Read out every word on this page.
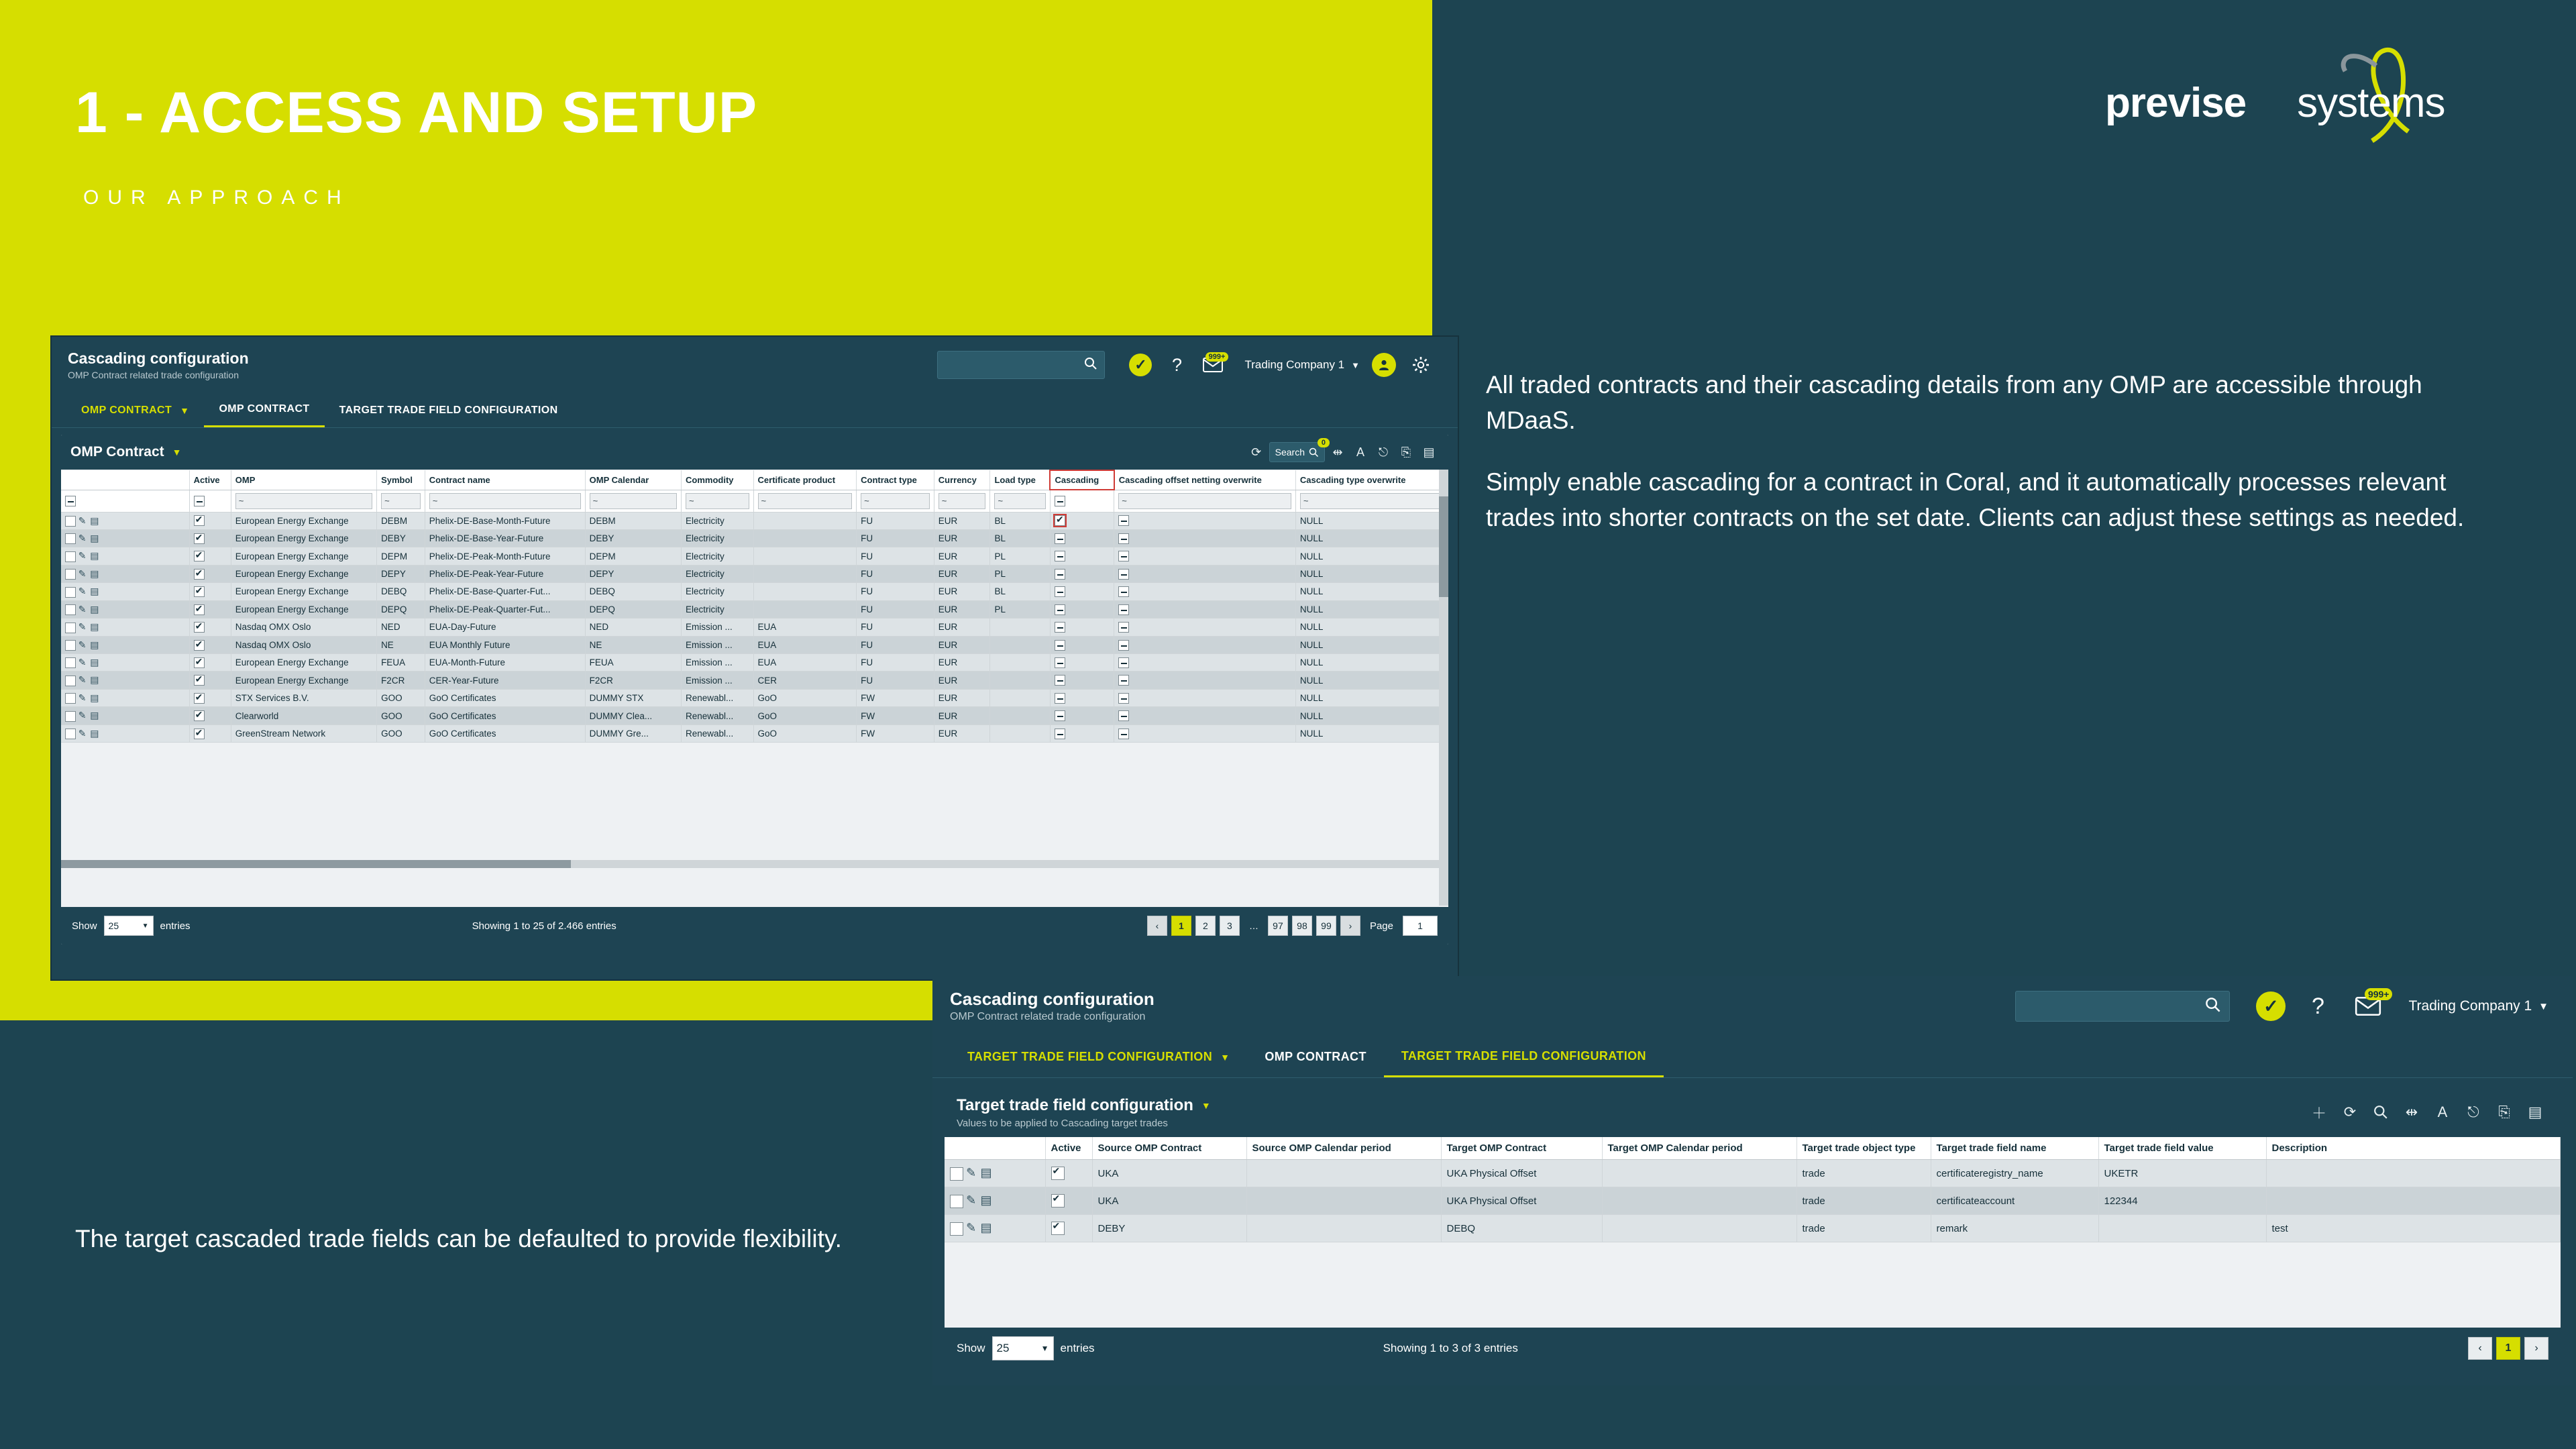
1 - ACCESS AND SETUP
OUR APPROACH
previse systems

All traded contracts and their cascading details from any OMP are accessible through MDaaS.

Simply enable cascading for a contract in Coral, and it automatically processes relevant trades into shorter contracts on the set date. Clients can adjust these settings as needed.

The target cascaded trade fields can be defaulted to provide flexibility.
Cascading configuration
OMP Contract related trade configuration
✓ ?	999+
Trading Company 1 ▼
OMP CONTRACT ▼	OMP CONTRACT	TARGET TRADE FIELD CONFIGURATION
OMP Contract ▼	⟳	Search
0
⇹	A	⎋	⎘	▤
	Active	OMP	Symbol	Contract name	OMP Calendar	Commodity	Certificate product	Contract type	Currency	Load type	Cascading	Cascading offset netting overwrite	Cascading type overwrite
		~	~	~	~	~	~	~	~	~		~	~
✎ ▤	✔	European Energy Exchange	DEBM	Phelix-DE-Base-Month-Future	DEBM	Electricity		FU	EUR	BL	✔		NULL
✎ ▤	✔	European Energy Exchange	DEBY	Phelix-DE-Base-Year-Future	DEBY	Electricity		FU	EUR	BL			NULL
✎ ▤	✔	European Energy Exchange	DEPM	Phelix-DE-Peak-Month-Future	DEPM	Electricity		FU	EUR	PL			NULL
✎ ▤	✔	European Energy Exchange	DEPY	Phelix-DE-Peak-Year-Future	DEPY	Electricity		FU	EUR	PL			NULL
✎ ▤	✔	European Energy Exchange	DEBQ	Phelix-DE-Base-Quarter-Fut...	DEBQ	Electricity		FU	EUR	BL			NULL
✎ ▤	✔	European Energy Exchange	DEPQ	Phelix-DE-Peak-Quarter-Fut...	DEPQ	Electricity		FU	EUR	PL			NULL
✎ ▤	✔	Nasdaq OMX Oslo	NED	EUA-Day-Future	NED	Emission ...	EUA	FU	EUR				NULL
✎ ▤	✔	Nasdaq OMX Oslo	NE	EUA Monthly Future	NE	Emission ...	EUA	FU	EUR				NULL
✎ ▤	✔	European Energy Exchange	FEUA	EUA-Month-Future	FEUA	Emission ...	EUA	FU	EUR				NULL
✎ ▤	✔	European Energy Exchange	F2CR	CER-Year-Future	F2CR	Emission ...	CER	FU	EUR				NULL
✎ ▤	✔	STX Services B.V.	GOO	GoO Certificates	DUMMY STX	Renewabl...	GoO	FW	EUR				NULL
✎ ▤	✔	Clearworld	GOO	GoO Certificates	DUMMY Clea...	Renewabl...	GoO	FW	EUR				NULL
✎ ▤	✔	GreenStream Network	GOO	GoO Certificates	DUMMY Gre...	Renewabl...	GoO	FW	EUR				NULL
Show 25	▼ entries	Showing 1 to 25 of 2.466 entries	‹	1	2	3	…	97	98	99	›	Page	1
Cascading configuration
OMP Contract related trade configuration
✓	?	999+
Trading Company 1 ▼
TARGET TRADE FIELD CONFIGURATION ▼	OMP CONTRACT	TARGET TRADE FIELD CONFIGURATION
Target trade field configuration ▼
Values to be applied to Cascading target trades
＋	⟳	⇹	A	⎋	⎘	▤
	Active	Source OMP Contract	Source OMP Calendar period	Target OMP Contract	Target OMP Calendar period	Target trade object type	Target trade field name	Target trade field value	Description
✎ ▤	✔	UKA		UKA Physical Offset		trade	certificateregistry_name	UKETR	
✎ ▤	✔	UKA		UKA Physical Offset		trade	certificateaccount	122344	
✎ ▤	✔	DEBY		DEBQ		trade	remark		test
Show 25	▼ entries	Showing 1 to 3 of 3 entries	‹	1	›
